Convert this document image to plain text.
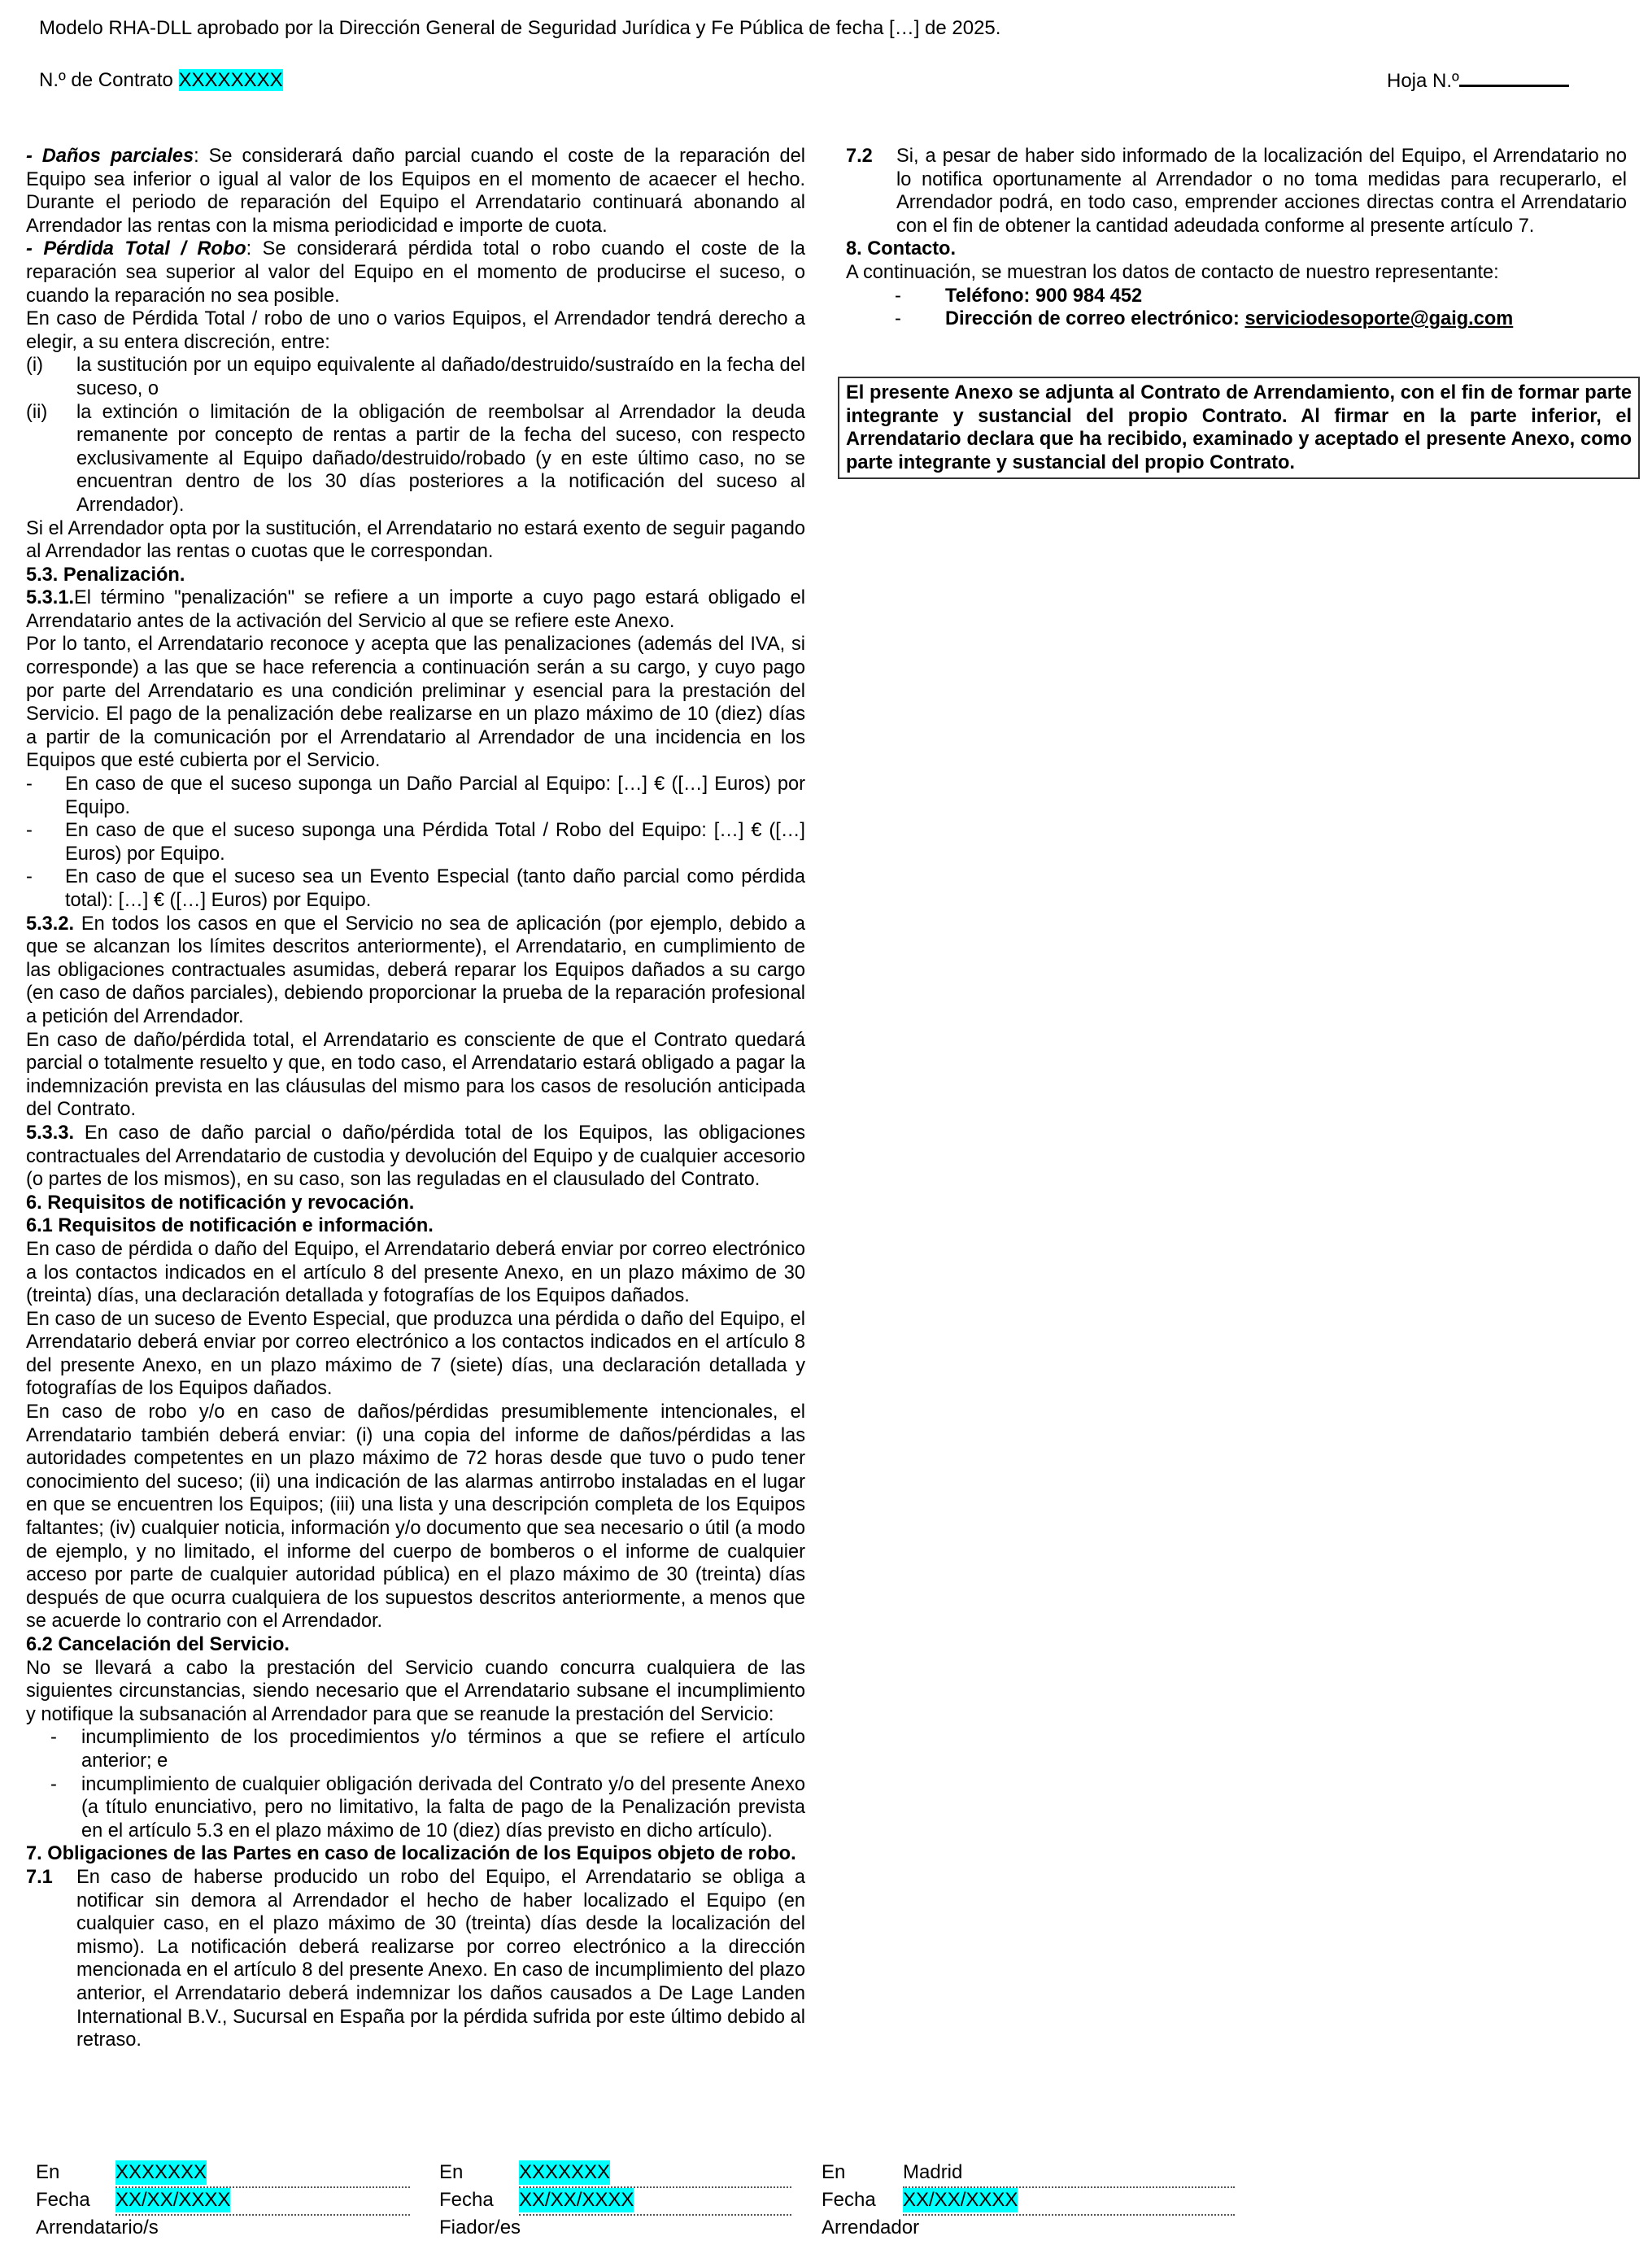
Modelo RHA-DLL aprobado por la Dirección General de Seguridad Jurídica y Fe Pública de fecha […] de 2025.
N.º de Contrato XXXXXXXX	Hoja N.º

- Daños parciales: Se considerará daño parcial cuando el coste de la reparación del Equipo sea inferior o igual al valor de los Equipos en el momento de acaecer el hecho. Durante el periodo de reparación del Equipo el Arrendatario continuará abonando al Arrendador las rentas con la misma periodicidad e importe de cuota.

- Pérdida Total / Robo: Se considerará pérdida total o robo cuando el coste de la reparación sea superior al valor del Equipo en el momento de producirse el suceso, o cuando la reparación no sea posible.

En caso de Pérdida Total / robo de uno o varios Equipos, el Arrendador tendrá derecho a elegir, a su entera discreción, entre:

(i)	la sustitución por un equipo equivalente al dañado/destruido/sustraído en la fecha del suceso, o
(ii)	la extinción o limitación de la obligación de reembolsar al Arrendador la deuda remanente por concepto de rentas a partir de la fecha del suceso, con respecto exclusivamente al Equipo dañado/destruido/robado (y en este último caso, no se encuentran dentro de los 30 días posteriores a la notificación del suceso al Arrendador).

Si el Arrendador opta por la sustitución, el Arrendatario no estará exento de seguir pagando al Arrendador las rentas o cuotas que le correspondan.

5.3. Penalización.

5.3.1.El término "penalización" se refiere a un importe a cuyo pago estará obligado el Arrendatario antes de la activación del Servicio al que se refiere este Anexo.

Por lo tanto, el Arrendatario reconoce y acepta que las penalizaciones (además del IVA, si corresponde) a las que se hace referencia a continuación serán a su cargo, y cuyo pago por parte del Arrendatario es una condición preliminar y esencial para la prestación del Servicio. El pago de la penalización debe realizarse en un plazo máximo de 10 (diez) días a partir de la comunicación por el Arrendatario al Arrendador de una incidencia en los Equipos que esté cubierta por el Servicio.

-	En caso de que el suceso suponga un Daño Parcial al Equipo: […] € ([…] Euros) por Equipo.
-	En caso de que el suceso suponga una Pérdida Total / Robo del Equipo: […] € ([…] Euros) por Equipo.
-	En caso de que el suceso sea un Evento Especial (tanto daño parcial como pérdida total): […] € ([…] Euros) por Equipo.

5.3.2. En todos los casos en que el Servicio no sea de aplicación (por ejemplo, debido a que se alcanzan los límites descritos anteriormente), el Arrendatario, en cumplimiento de las obligaciones contractuales asumidas, deberá reparar los Equipos dañados a su cargo (en caso de daños parciales), debiendo proporcionar la prueba de la reparación profesional a petición del Arrendador.

En caso de daño/pérdida total, el Arrendatario es consciente de que el Contrato quedará parcial o totalmente resuelto y que, en todo caso, el Arrendatario estará obligado a pagar la indemnización prevista en las cláusulas del mismo para los casos de resolución anticipada del Contrato.

5.3.3. En caso de daño parcial o daño/pérdida total de los Equipos, las obligaciones contractuales del Arrendatario de custodia y devolución del Equipo y de cualquier accesorio (o partes de los mismos), en su caso, son las reguladas en el clausulado del Contrato.

6. Requisitos de notificación y revocación.

6.1 Requisitos de notificación e información.

En caso de pérdida o daño del Equipo, el Arrendatario deberá enviar por correo electrónico a los contactos indicados en el artículo 8 del presente Anexo, en un plazo máximo de 30 (treinta) días, una declaración detallada y fotografías de los Equipos dañados.

En caso de un suceso de Evento Especial, que produzca una pérdida o daño del Equipo, el Arrendatario deberá enviar por correo electrónico a los contactos indicados en el artículo 8 del presente Anexo, en un plazo máximo de 7 (siete) días, una declaración detallada y fotografías de los Equipos dañados.

En caso de robo y/o en caso de daños/pérdidas presumiblemente intencionales, el Arrendatario también deberá enviar: (i) una copia del informe de daños/pérdidas a las autoridades competentes en un plazo máximo de 72 horas desde que tuvo o pudo tener conocimiento del suceso; (ii) una indicación de las alarmas antirrobo instaladas en el lugar en que se encuentren los Equipos; (iii) una lista y una descripción completa de los Equipos faltantes; (iv) cualquier noticia, información y/o documento que sea necesario o útil (a modo de ejemplo, y no limitado, el informe del cuerpo de bomberos o el informe de cualquier acceso por parte de cualquier autoridad pública) en el plazo máximo de 30 (treinta) días después de que ocurra cualquiera de los supuestos descritos anteriormente, a menos que se acuerde lo contrario con el Arrendador.

6.2 Cancelación del Servicio.

No se llevará a cabo la prestación del Servicio cuando concurra cualquiera de las siguientes circunstancias, siendo necesario que el Arrendatario subsane el incumplimiento y notifique la subsanación al Arrendador para que se reanude la prestación del Servicio:

-	incumplimiento de los procedimientos y/o términos a que se refiere el artículo anterior; e
-	incumplimiento de cualquier obligación derivada del Contrato y/o del presente Anexo (a título enunciativo, pero no limitativo, la falta de pago de la Penalización prevista en el artículo 5.3 en el plazo máximo de 10 (diez) días previsto en dicho artículo).

7. Obligaciones de las Partes en caso de localización de los Equipos objeto de robo.

7.1	En caso de haberse producido un robo del Equipo, el Arrendatario se obliga a notificar sin demora al Arrendador el hecho de haber localizado el Equipo (en cualquier caso, en el plazo máximo de 30 (treinta) días desde la localización del mismo). La notificación deberá realizarse por correo electrónico a la dirección mencionada en el artículo 8 del presente Anexo. En caso de incumplimiento del plazo anterior, el Arrendatario deberá indemnizar los daños causados a De Lage Landen International B.V., Sucursal en España por la pérdida sufrida por este último debido al retraso.
7.2	Si, a pesar de haber sido informado de la localización del Equipo, el Arrendatario no lo notifica oportunamente al Arrendador o no toma medidas para recuperarlo, el Arrendador podrá, en todo caso, emprender acciones directas contra el Arrendatario con el fin de obtener la cantidad adeudada conforme al presente artículo 7.

8. Contacto.

A continuación, se muestran los datos de contacto de nuestro representante:

-	Teléfono: 900 984 452
-	Dirección de correo electrónico: serviciodesoporte@gaig.com
El presente Anexo se adjunta al Contrato de Arrendamiento, con el fin de formar parte integrante y sustancial del propio Contrato. Al firmar en la parte inferior, el Arrendatario declara que ha recibido, examinado y aceptado el presente Anexo, como parte integrante y sustancial del propio Contrato.
En	XXXXXXX
Fecha XX/XX/XXXX
Arrendatario/s
En	XXXXXXX
Fecha XX/XX/XXXX
Fiador/es
En	Madrid
Fecha XX/XX/XXXX
Arrendador
